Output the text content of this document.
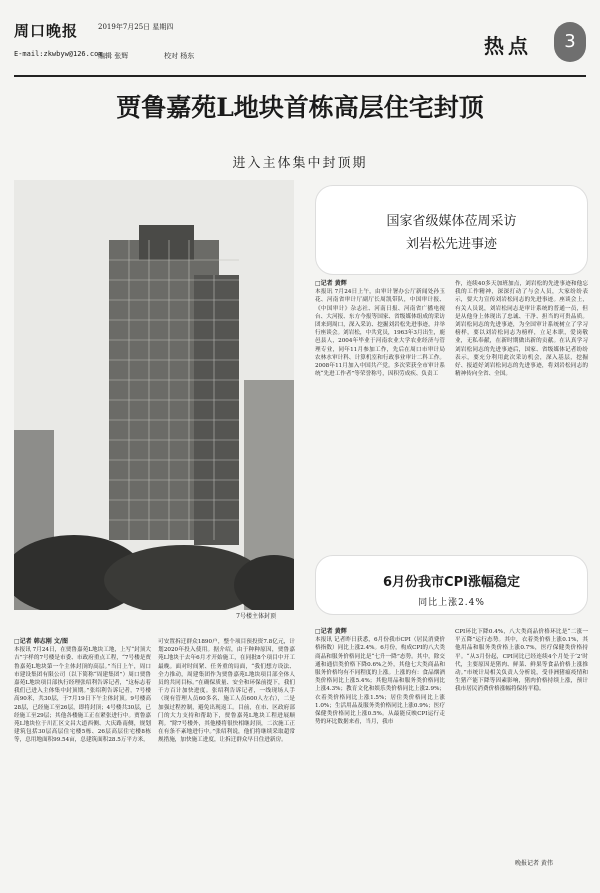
周口晚报
E-mail:zkwbyw@126.com
2019年7月25日 星期四
编辑 张辉	校对 杨东	热点	3
贾鲁嘉苑L地块首栋高层住宅封顶
进入主体集中封顶期
7号楼主体封顶
□记者 韩志刚 文/图
本报讯 7月24日，在贾鲁嘉苑L地块工地，上写“封顶大吉”字样的7号楼是市委、市政府重点工程，“7号楼是贾鲁嘉苑L地块第一个主体封顶的高层。”当日上午，周口市建设集团有限公司（以下简称“周建集团”）周口贾鲁嘉苑L地块项目部执行经理张绍利告诉记者，“这标志着我们已进入主体集中封顶期。”张绍利告诉记者，7号楼高90米，共30层，于7月19日下午主体封顶。9号楼高28层，已经施工至26层，即将封顶；4号楼共30层，已经施工至29层；其他各楼施工正在紧张进行中。贾鲁嘉苑L地块位于川汇区文昌大道西侧、大庆路南侧，规划建筑包括30层高层住宅楼5栋、26层高层住宅楼8栋等，总用地面积99.54亩，总建筑面积28.5万平方米，
可安置拆迁群众1890户，整个项目预投资7.8亿元，计划2020年投入使用。据介绍，由于种种原因，贾鲁嘉苑L地块于去年6月才开始施工，在同批8个项目中开工最晚。面对时间紧、任务重的局面，“我们想方设法、全力推动，周建集团作为贾鲁嘉苑L地块项目部全体人员的共同目标。”在确保质量、安全和环保前提下，我们千方百计加快进度。张绍利告诉记者，一线现场人手（现有管理人员60多名、施工人员600人左右），二是加强过程控制，避免出现返工。目前，在市、区政府部门的大力支持和帮助下，贾鲁嘉苑L地块工程进展顺利。“除7号楼外，其他楼将很快相继封顶，二次施工正在有条不紊地进行中。”张绍利说，他们将继续采取超常规措施，加快施工进度，让拆迁群众早日住进新房。
国家省级媒体莅周采访
刘岩松先进事迹
□记者 黄辉
本报讯 7月24日上午，由审计署办公厅新闻处孙玉花、河南省审计厅副厅长周凯带队，中国审计报、《中国审计》杂志社、河南日报、河南省广播电视台、大河报、东方今报等国家、省级媒体组成的采访团来到周口，深入采访、挖掘刘岩松先进事迹，并举行座谈会。刘岩松，中共党员，1963年3月出生，鹿邑县人，2004年毕业于河南农业大学农业经济与管理专业，同年11月参加工作，先后在周口市审计局农林水审计科、计算机室和行政事业审计二科工作。2008年11月加入中国共产党。多次荣获全市审计系统“先进工作者”等荣誉称号，因积劳成疾、负责工
作，连续40多天加班加点，刘岩松的先进事迹和他忘我的工作精神，深深打动了与会人员，大家纷纷表示，要大力宣传刘岩松同志的先进事迹。座谈会上，有关人员说，刘岩松同志是审计系统的普通一员，但是从他身上体现出了忠诚、干净、担当的可贵品质。刘岩松同志的先进事迹，为全国审计系统树立了学习榜样，要以刘岩松同志为榜样，立足本职，爱岗敬业，无私奉献，在新时期做出新的贡献。在认真学习刘岩松同志的先进事迹后，国家、省级媒体记者纷纷表示，要充分利用此次采访机会，深入基层，挖掘好、报道好刘岩松同志的先进事迹，将刘岩松同志的精神传向全省、全国。
6月份我市CPI涨幅稳定
同比上涨2.4%
□记者 黄辉
本报讯 记者昨日获悉，6月份我市CPI（居民消费价格指数）同比上涨2.4%。6月份，构成CPI的八大类商品和服务价格同比是“七升一降”态势。其中，除交通和通信类价格下降0.6%之外，其他七大类商品和服务价格均有不同程度的上涨。上涨的有：食品烟酒类价格同比上涨5.4%；其他用品和服务类价格同比上涨4.3%；教育文化和娱乐类价格同比上涨2.9%；衣着类价格同比上涨1.5%；居住类价格同比上涨1.0%；生活用品及服务类价格同比上涨0.9%；医疗保健类价格同比上涨0.5%。从最能反映CPI运行走势的环比数据来看，当月，我市
CPI环比下降0.4%，八大类商品价格环比是“二涨一平五降”运行态势。其中，衣着类价格上涨0.1%，其他用品和服务类价格上涨0.7%，医疗保健类价格持平。“从3月份起，CPI同比已经连续4个月处于‘2’时代，主要原因是猪肉、鲜菜、鲜果等食品价格上涨推动。”市统计局相关负责人分析说，受非洲猪瘟疫情和生猪产能下降等因素影响，猪肉价格持续上涨，预计我市居民消费价格涨幅将保持平稳。
晚报记者 黄伟
